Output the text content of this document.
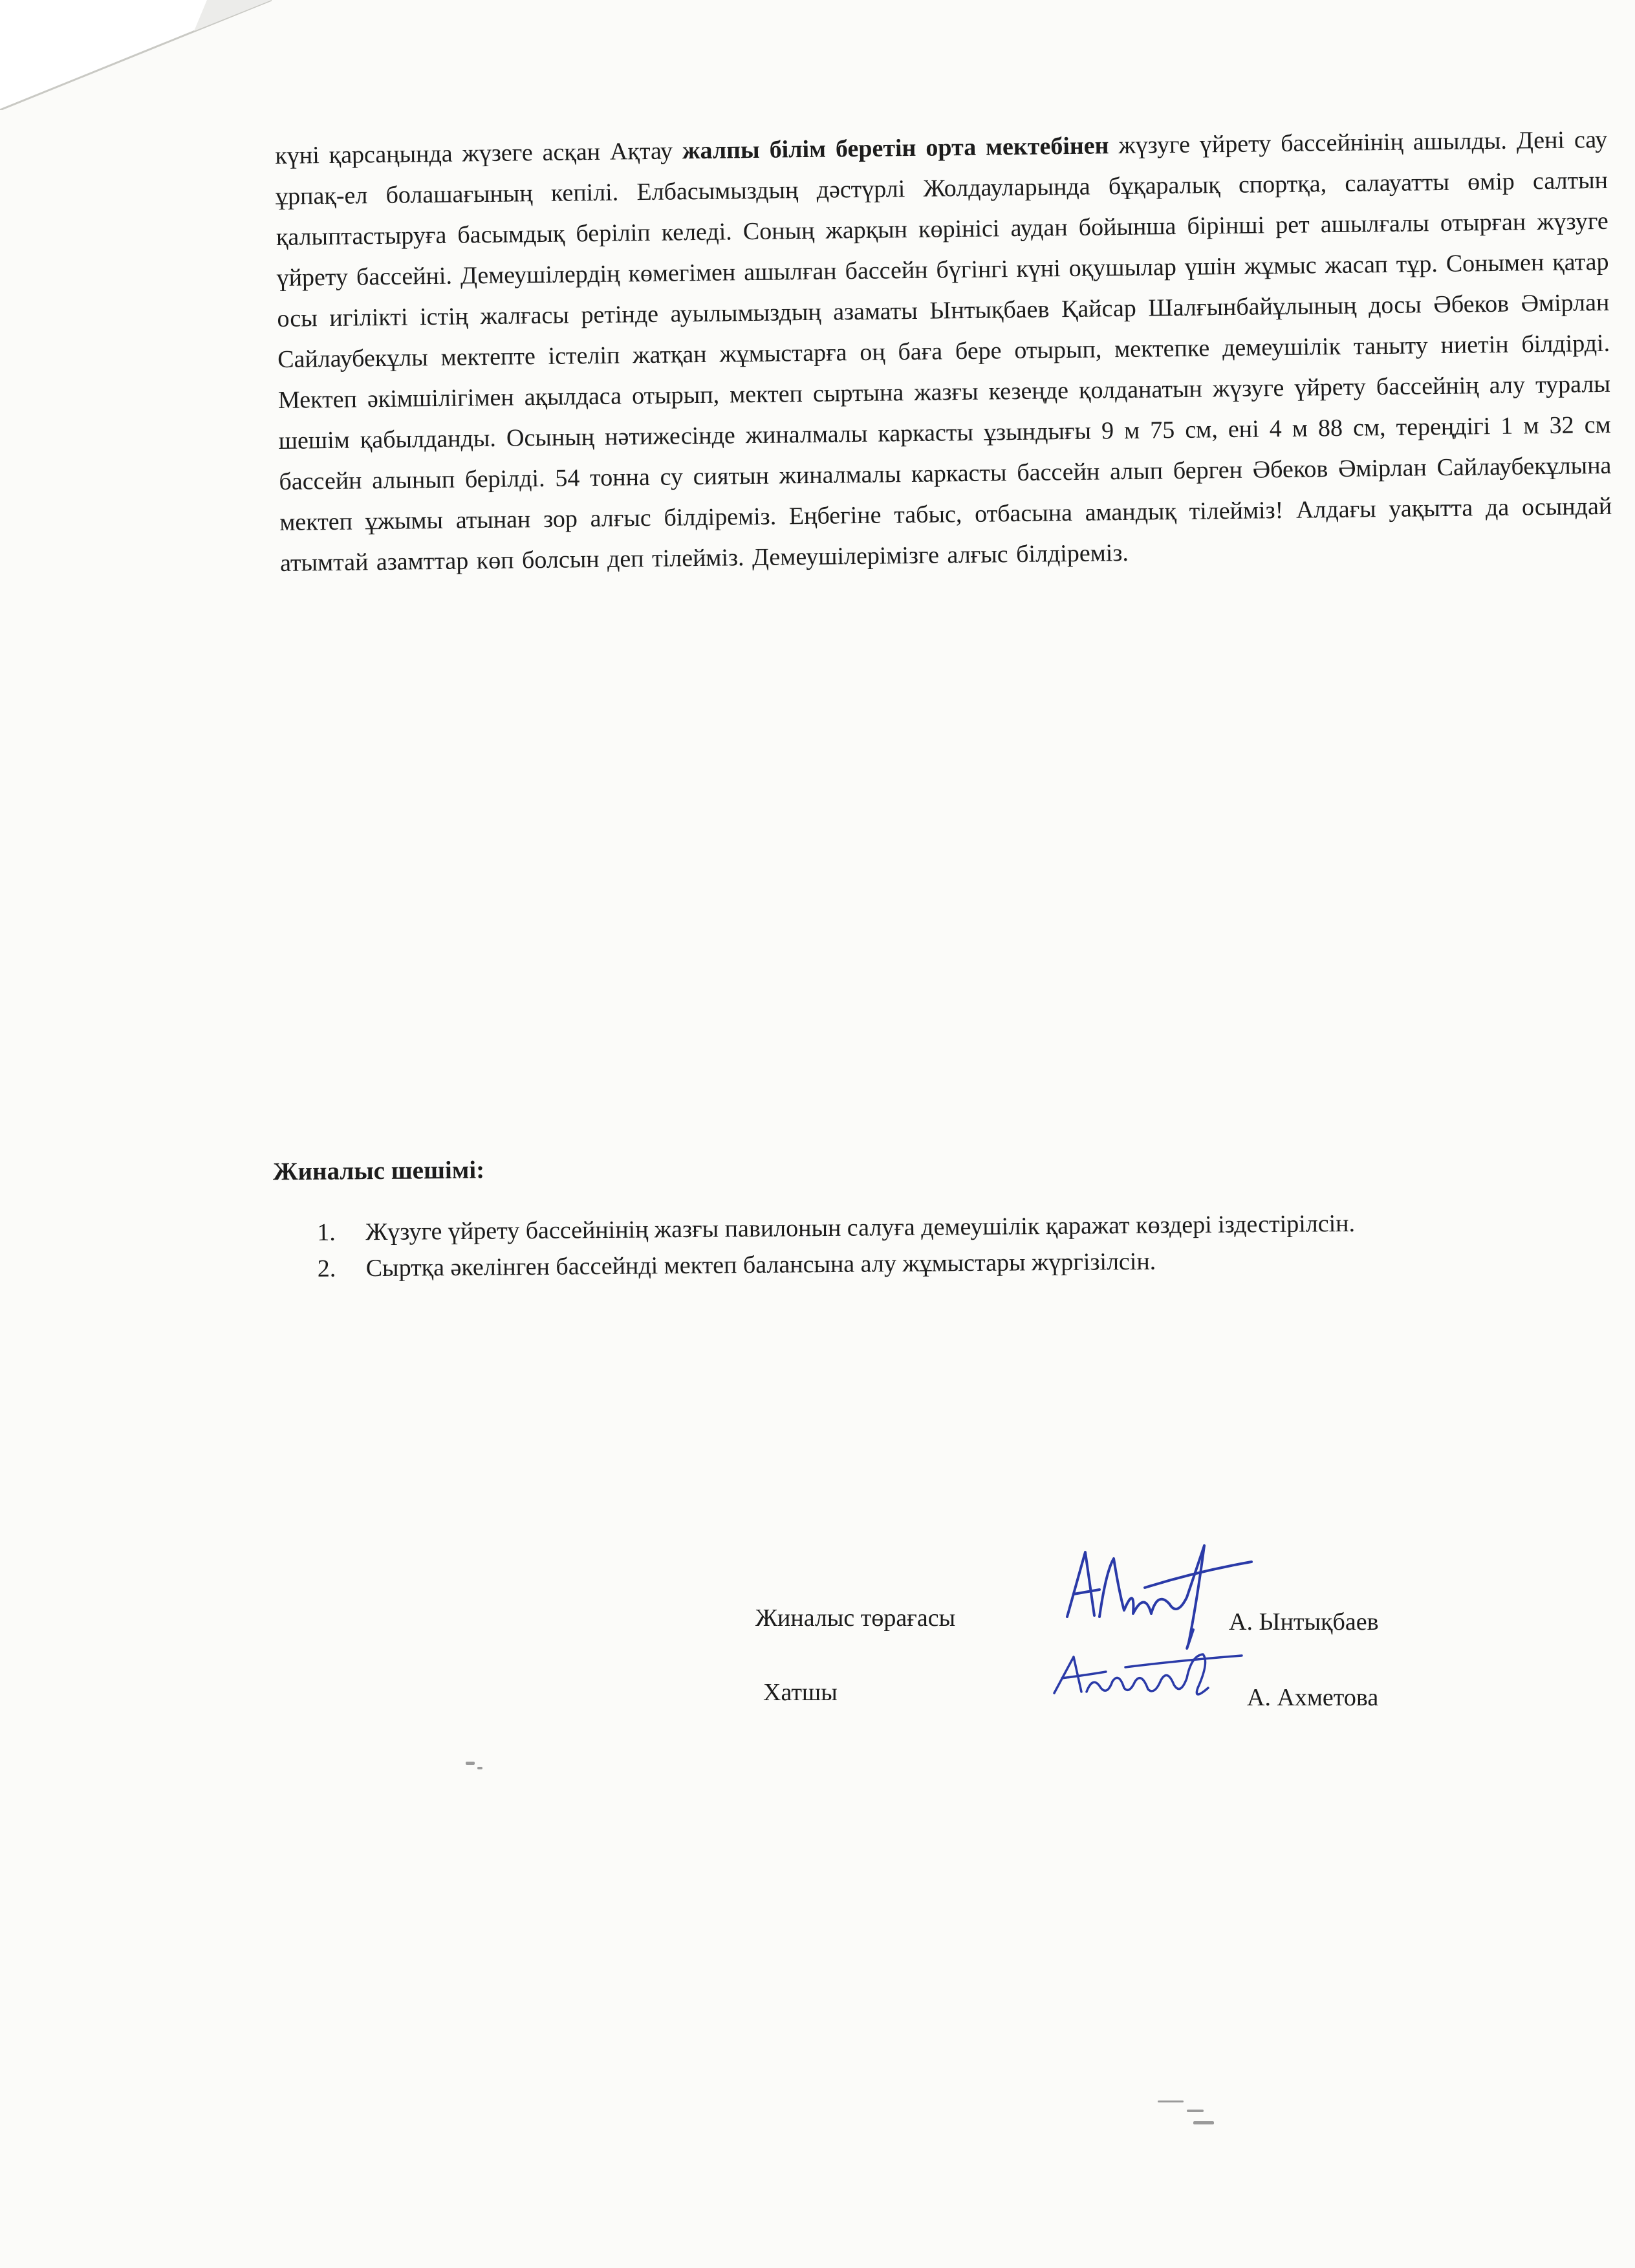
күні қарсаңында жүзеге асқан Ақтау жалпы білім беретін орта мектебінен жүзуге үйрету бассейнінің ашылды. Дені сау ұрпақ-ел болашағының кепілі. Елбасымыздың дәстүрлі Жолдауларында бұқаралық спортқа, салауатты өмір салтын қалыптастыруға басымдық беріліп келеді. Соның жарқын көрінісі аудан бойынша бірінші рет ашылғалы отырған жүзуге үйрету бассейні. Демеушілердің көмегімен ашылған бассейн бүгінгі күні оқушылар үшін жұмыс жасап тұр. Сонымен қатар осы игілікті істің жалғасы ретінде ауылымыздың азаматы Ынтықбаев Қайсар Шалғынбайұлының досы Әбеков Әмірлан Сайлаубекұлы мектепте істеліп жатқан жұмыстарға оң баға бере отырып, мектепке демеушілік таныту ниетін білдірді. Мектеп әкімшілігімен ақылдаса отырып, мектеп сыртына жазғы кезеңде қолданатын жүзуге үйрету бассейнің алу туралы шешім қабылданды. Осының нәтижесінде жиналмалы каркасты ұзындығы 9 м 75 см, ені 4 м 88 см, тереңдігі 1 м 32 см бассейн алынып берілді. 54 тонна су сиятын жиналмалы каркасты бассейн алып берген Әбеков Әмірлан Сайлаубекұлына мектеп ұжымы атынан зор алғыс білдіреміз. Еңбегіне табыс, отбасына амандық тілейміз! Алдағы уақытта да осындай атымтай азамттар көп болсын деп тілейміз. Демеушілерімізге алғыс білдіреміз.
Жиналыс шешімі:
1. Жүзуге үйрету бассейнінің жазғы павилонын салуға демеушілік қаражат көздері іздестірілсін.
2. Сыртқа әкелінген бассейнді мектеп балансына алу жұмыстары жүргізілсін.
Жиналыс төрағасы	А. Ынтықбаев
Хатшы	А. Ахметова
